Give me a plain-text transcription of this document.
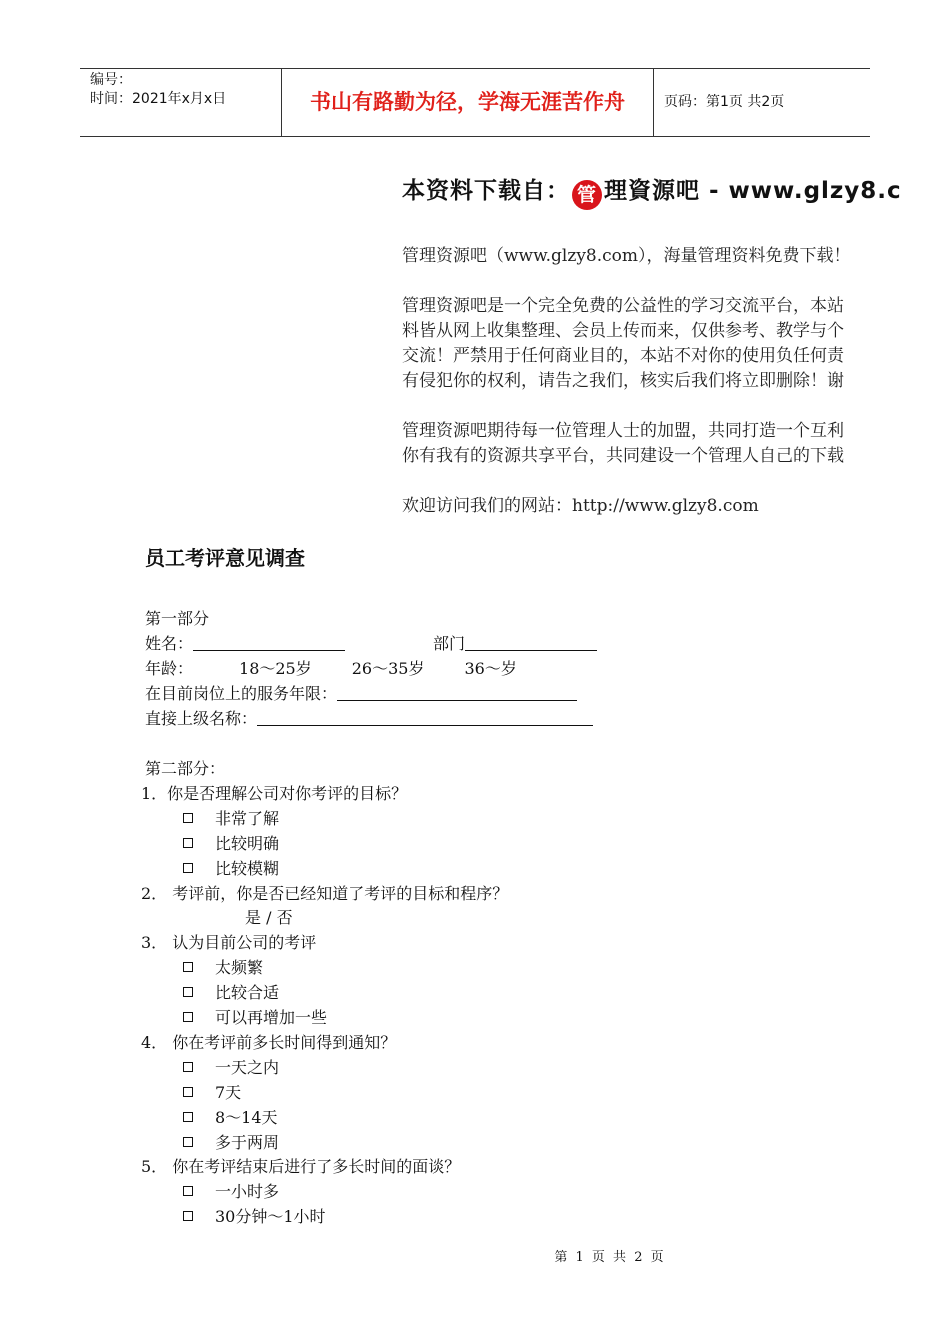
编号：
时间：2021年x月x日	书山有路勤为径，学海无涯苦作舟	页码：第1页 共2页
本资料下载自： 管 理資源吧 - www.glzy8.c
管理资源吧（www.glzy8.com），海量管理资料免费下载！
管理资源吧是一个完全免费的公益性的学习交流平台，本站
料皆从网上收集整理、会员上传而来，仅供参考、教学与个
交流！严禁用于任何商业目的，本站不对你的使用负任何责
有侵犯你的权利，请告之我们，核实后我们将立即删除！谢
管理资源吧期待每一位管理人士的加盟，共同打造一个互利
你有我有的资源共享平台，共同建设一个管理人自己的下载
欢迎访问我们的网站：http://www.glzy8.com
员工考评意见调查
第一部分
姓名：	部门
年龄：	18～25岁	26～35岁	36～岁
在目前岗位上的服务年限：
直接上级名称：
第二部分：
1．你是否理解公司对你考评的目标？
非常了解
比较明确
比较模糊
2． 考评前，你是否已经知道了考评的目标和程序？
是 / 否
3． 认为目前公司的考评
太频繁
比较合适
可以再增加一些
4． 你在考评前多长时间得到通知？
一天之内
7天
8～14天
多于两周
5． 你在考评结束后进行了多长时间的面谈？
一小时多
30分钟～1小时
第 1 页 共 2 页
